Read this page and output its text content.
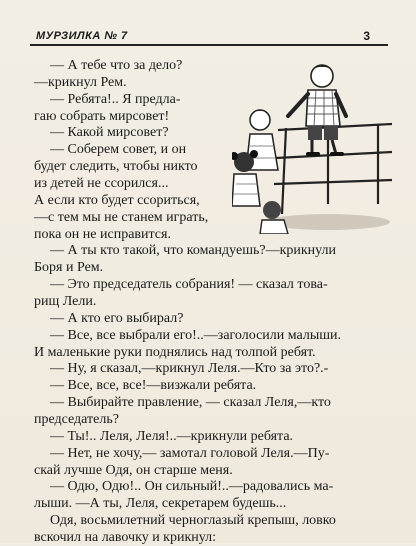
МУРЗИЛКА № 7	3
— А тебе что за дело?
—крикнул Рем.
— Ребята!.. Я предла-
гаю собрать мирсовет!
— Какой мирсовет?
— Соберем совет, и он
будет следить, чтобы никто
из детей не ссорился...
А если кто будет ссориться,
—с тем мы не станем играть,
пока он не исправится.
— А ты кто такой, что командуешь?—крикнули
Боря и Рем.
— Это председатель собрания! — сказал това-
рищ Лели.
— А кто его выбирал?
— Все, все выбрали его!..—заголосили малыши.
И маленькие руки поднялись над толпой ребят.
— Ну, я сказал,—крикнул Леля.—Кто за это?.-
— Все, все, все!—визжали ребята.
— Выбирайте правление, — сказал Леля,—кто
председатель?
— Ты!.. Леля, Леля!..—крикнули ребята.
— Нет, не хочу,— замотал головой Леля.—Пу-
скай лучше Одя, он старше меня.
— Одю, Одю!.. Он сильный!..—радовались ма-
лыши. —А ты, Леля, секретарем будешь...
Одя, восьмилетний черноглазый крепыш, ловко
вскочил на лавочку и крикнул:
